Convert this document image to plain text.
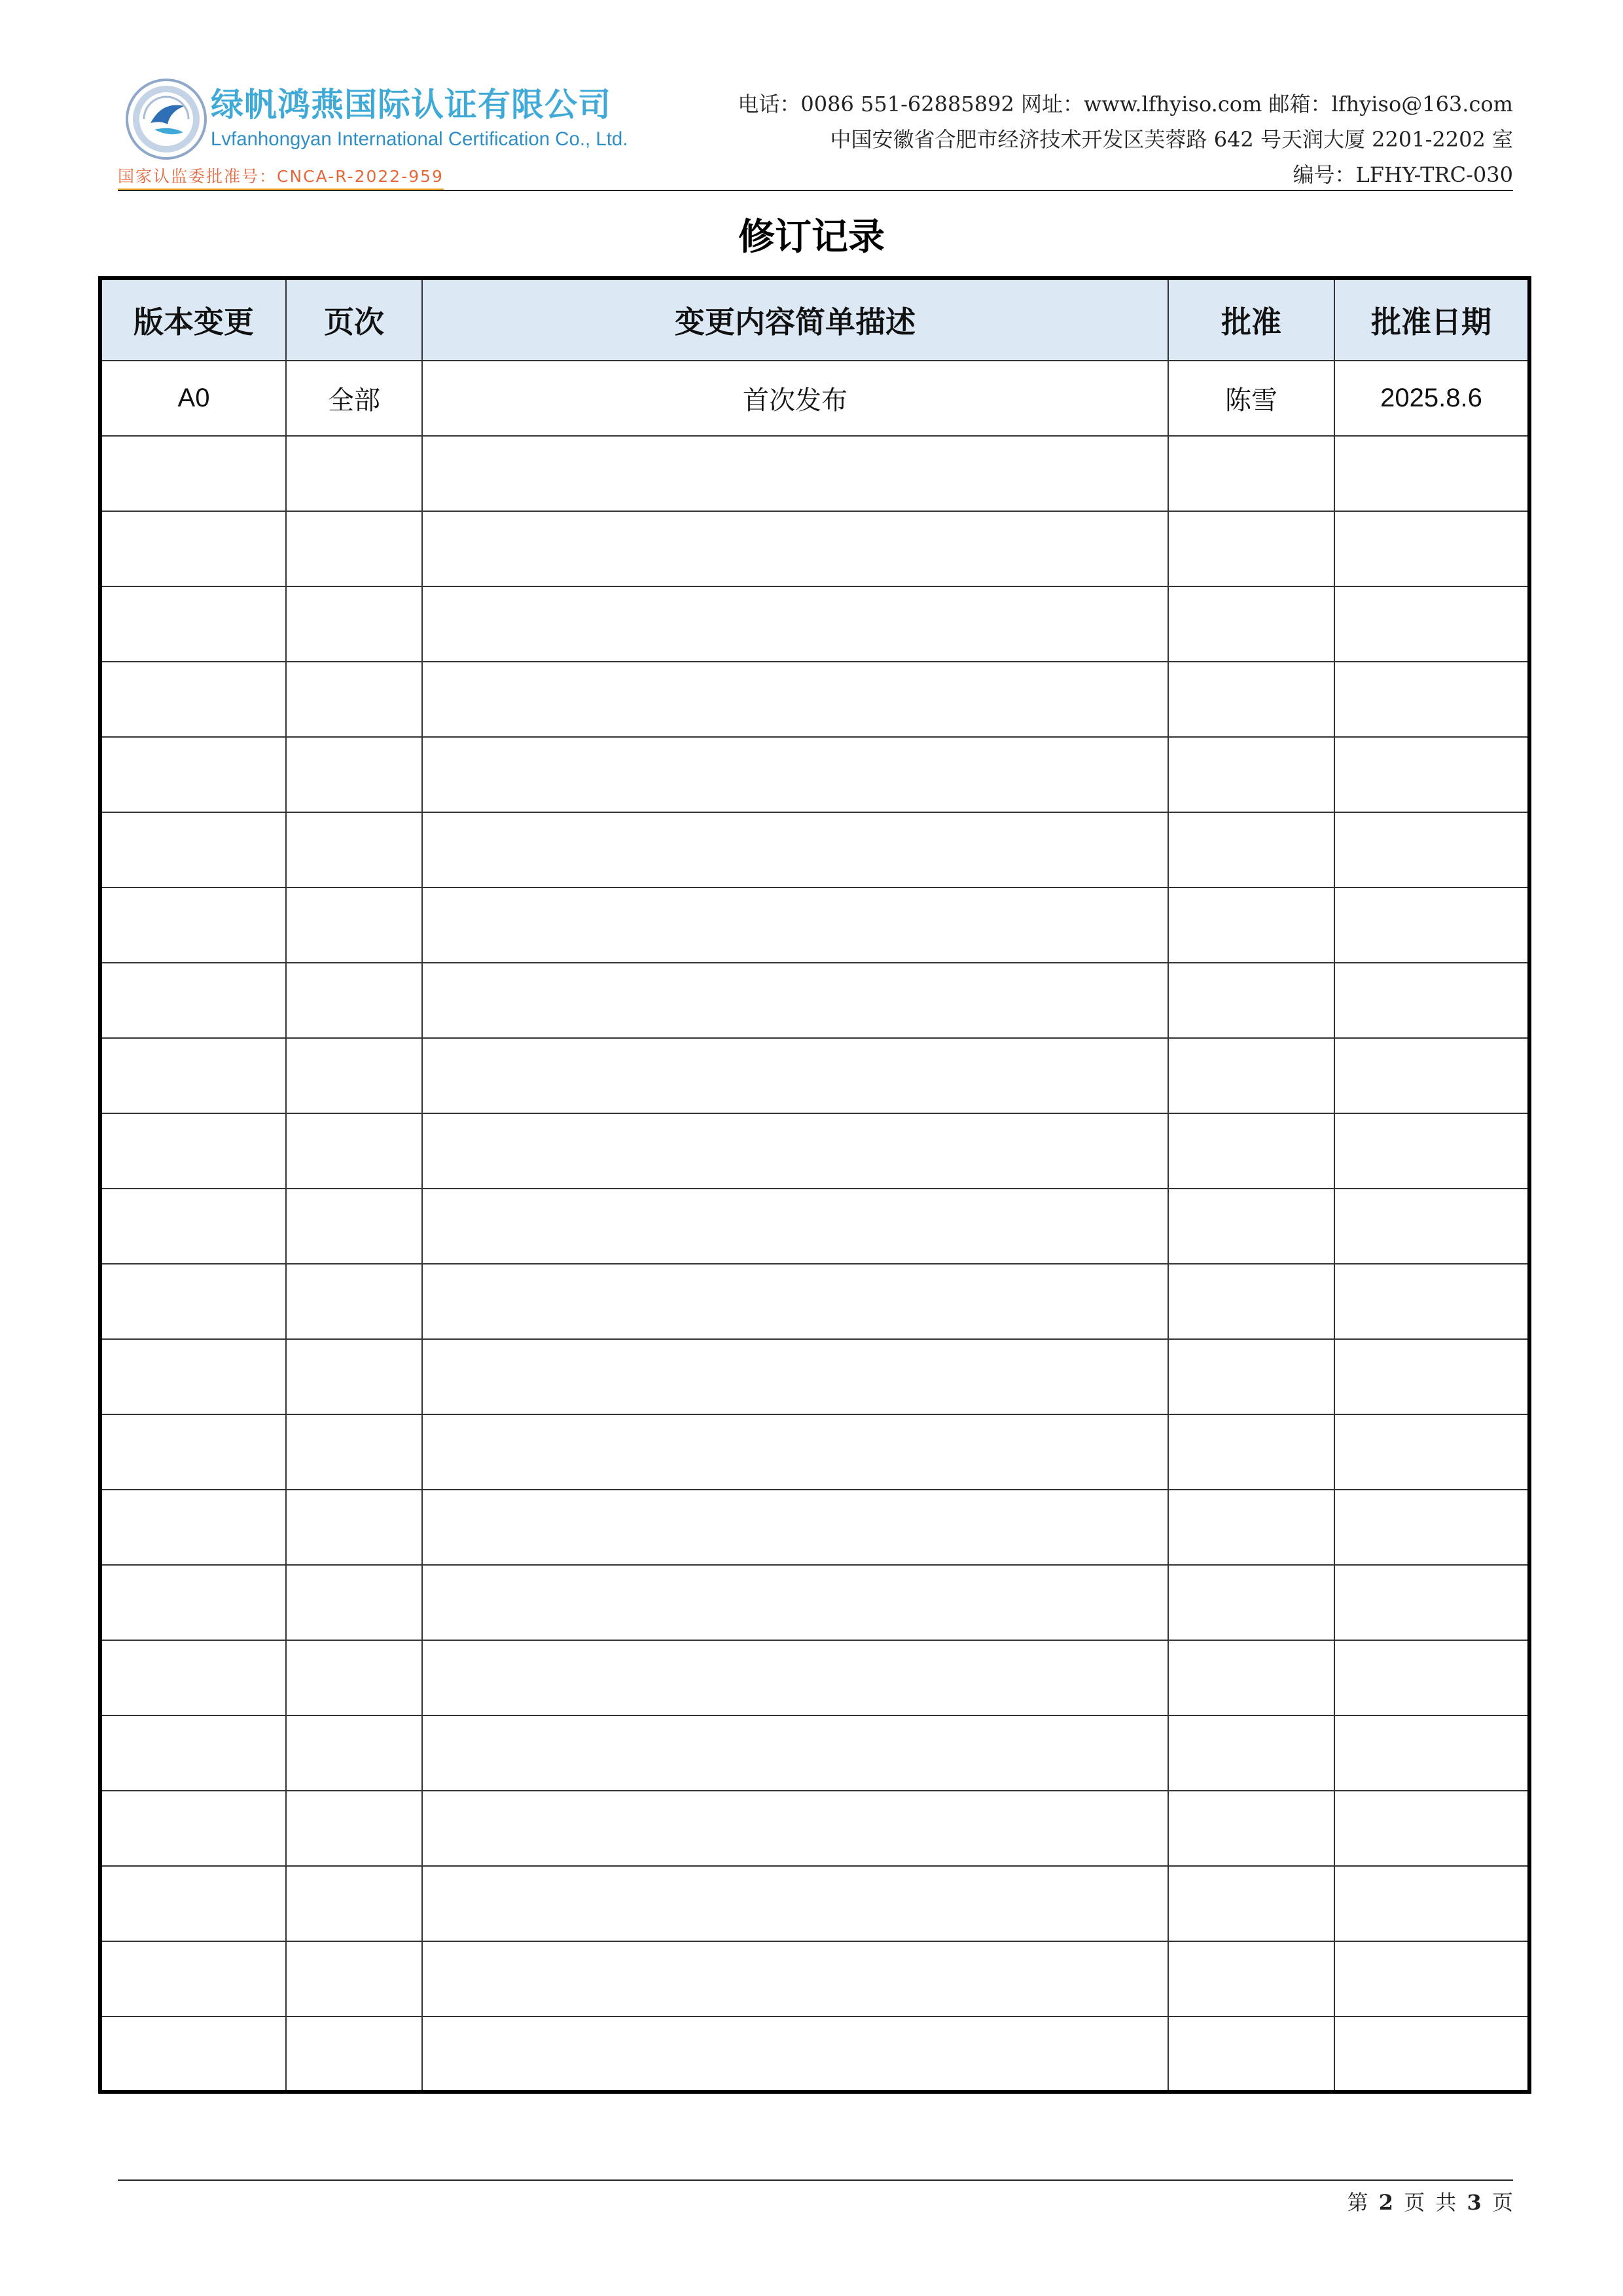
绿帆鸿燕国际认证有限公司
Lvfanhongyan International Certification Co., Ltd.
国家认监委批准号：CNCA-R-2022-959
电话：0086 551-62885892 网址：www.lfhyiso.com 邮箱：lfhyiso@163.com
中国安徽省合肥市经济技术开发区芙蓉路 642 号天润大厦 2201-2202 室
编号：LFHY-TRC-030
修订记录
版本变更	页次	变更内容简单描述	批准	批准日期
A0	全部	首次发布	陈雪	2025.8.6

第 2 页 共 3 页
